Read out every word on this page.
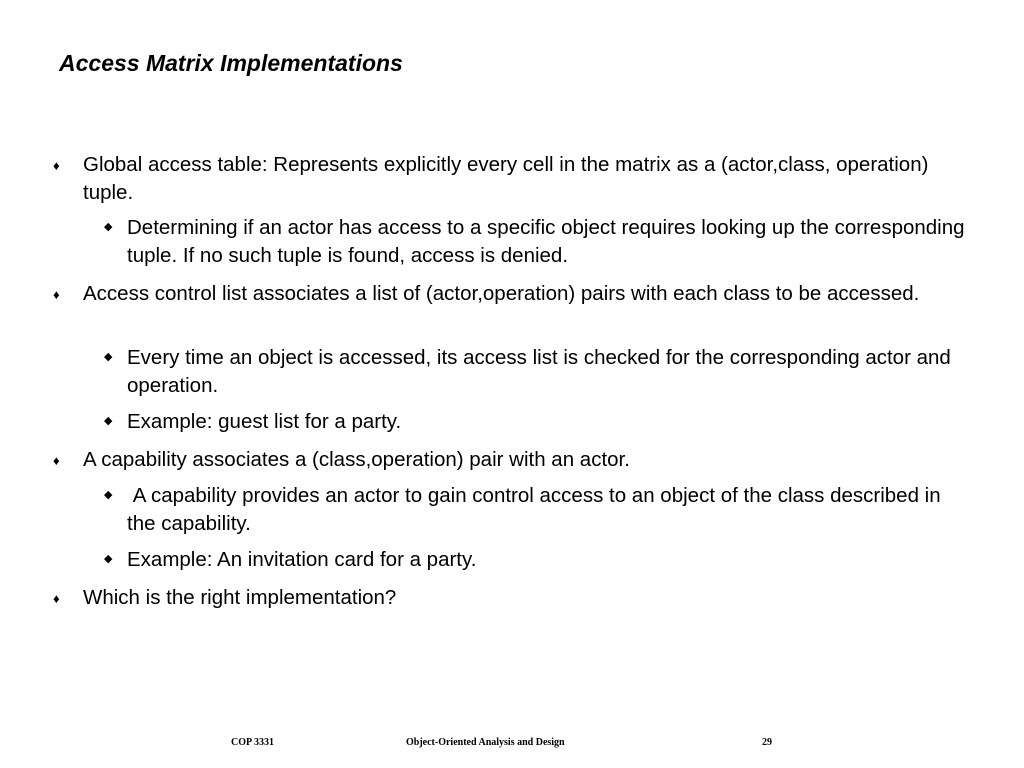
Access Matrix Implementations
♦ Global access table: Represents explicitly every cell in the matrix as a (actor,class, operation) tuple.
◆ Determining if an actor has access to a specific object requires looking up the corresponding tuple. If no such tuple is found, access is denied.
♦ Access control list associates a list of (actor,operation) pairs with each class to be accessed.
◆ Every time an object is accessed, its access list is checked for the corresponding actor and operation.
◆ Example: guest list for a party.
♦ A capability associates a (class,operation) pair with an actor.
◆ A capability provides an actor to gain control access to an object of the class described in the capability.
◆ Example: An invitation card for a party.
♦ Which is the right implementation?
COP 3331	Object-Oriented Analysis and Design	29
